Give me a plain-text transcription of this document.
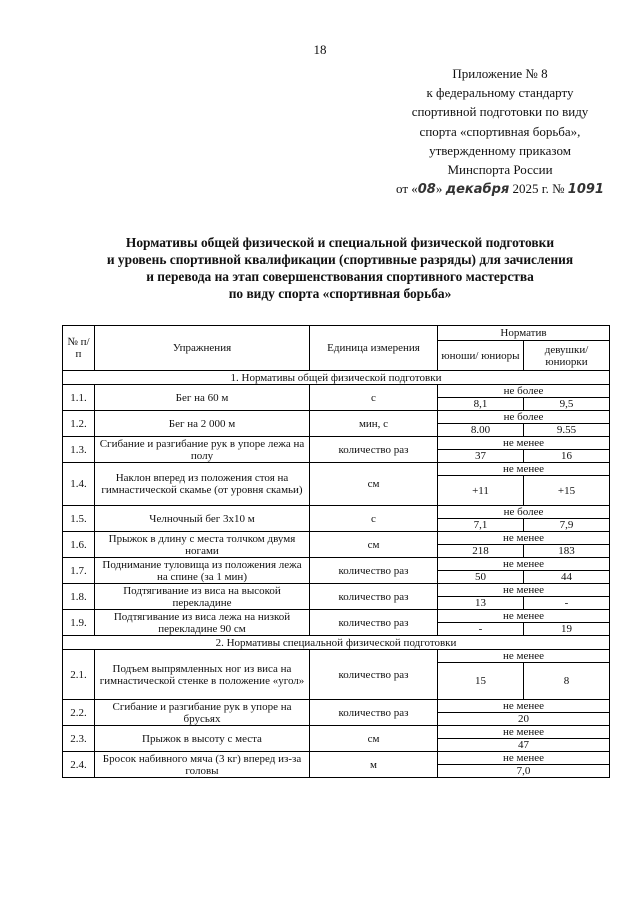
18
Приложение № 8
к федеральному стандарту
спортивной подготовки по виду
спорта «спортивная борьба»,
утвержденному приказом
Минспорта России
от «08» декабря 2025 г. № 1091
Нормативы общей физической и специальной физической подготовки
и уровень спортивной квалификации (спортивные разряды) для зачисления
и перевода на этап совершенствования спортивного мастерства
по виду спорта «спортивная борьба»
№ п/п	Упражнения	Единица измерения	Норматив	
			юноши/ юниоры	девушки/ юниорки
1. Нормативы общей физической подготовки				
1.1.	Бег на 60 м	с	не более	
			8,1	9,5
1.2.	Бег на 2 000 м	мин, с	не более	
			8.00	9.55
1.3.	Сгибание и разгибание рук в упоре лежа на полу	количество раз	не менее	
			37	16
1.4.	Наклон вперед из положения стоя на гимнастической скамье (от уровня скамьи)	см	не менее	
			+11	+15
1.5.	Челночный бег 3х10 м	с	не более	
			7,1	7,9
1.6.	Прыжок в длину с места толчком двумя ногами	см	не менее	
			218	183
1.7.	Поднимание туловища из положения лежа на спине (за 1 мин)	количество раз	не менее	
			50	44
1.8.	Подтягивание из виса на высокой перекладине	количество раз	не менее	
			13	-
1.9.	Подтягивание из виса лежа на низкой перекладине 90 см	количество раз	не менее	
			-	19
2. Нормативы специальной физической подготовки				
2.1.	Подъем выпрямленных ног из виса на гимнастической стенке в положение «угол»	количество раз	не менее	
			15	8
2.2.	Сгибание и разгибание рук в упоре на брусьях	количество раз	не менее	
			20	
2.3.	Прыжок в высоту с места	см	не менее	
			47	
2.4.	Бросок набивного мяча (3 кг) вперед из-за головы	м	не менее	
			7,0	
